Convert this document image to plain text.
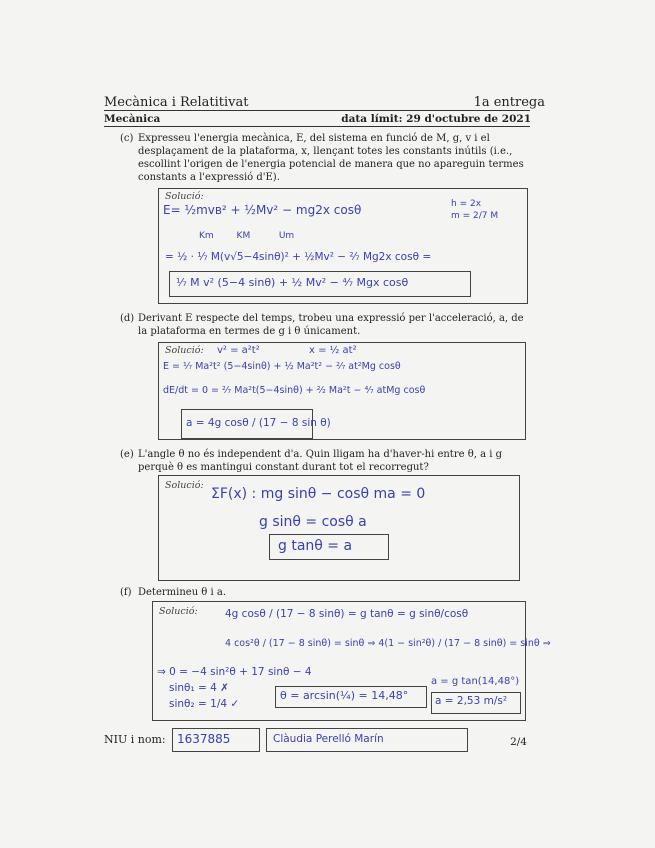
Mecànica i Relatitivat	1a entrega
Mecànica	data límit: 29 d'octubre de 2021
(c) Expresseu l'energia mecànica, E, del sistema en funció de M, g, v i el desplaçament de la plataforma, x, llençant totes les constants inútils (i.e., escollint l'origen de l'energia potencial de manera que no apareguin termes constants a l'expressió d'E).
Solució:
E= ½mvʙ² + ½Mv² − mg2x cosθ	h = 2x
m = 2/7 M
Km        KM          Um
= ½ · ⅐ M(v√5−4sinθ)² + ½Mv² − ²⁄₇ Mg2x cosθ =
⅐ M v² (5−4 sinθ) + ½ Mv² − ⁴⁄₇ Mgx cosθ
(d) Derivant E respecte del temps, trobeu una expressió per l'acceleració, a, de la plataforma en termes de g i θ únicament.
Solució: v² = a²t²	x = ½ at²
E = ⅐ Ma²t² (5−4sinθ) + ½ Ma²t² − ²⁄₇ at²Mg cosθ
dE/dt = 0 = ²⁄₇ Ma²t(5−4sinθ) + ²⁄₂ Ma²t − ⁴⁄₇ atMg cosθ
a = 4g cosθ / (17 − 8 sin θ)
(e) L'angle θ no és independent d'a. Quin lligam ha d'haver-hi entre θ, a i g perquè θ es mantingui constant durant tot el recorregut?
Solució:
ΣF(x) : mg sinθ − cosθ ma = 0
g sinθ = cosθ a
g tanθ = a
(f) Determineu θ i a.
Solució:	4g cosθ / (17 − 8 sinθ) = g tanθ = g sinθ/cosθ
4 cos²θ / (17 − 8 sinθ) = sinθ ⇒ 4(1 − sin²θ) / (17 − 8 sinθ) = sinθ ⇒
⇒ 0 = −4 sin²θ + 17 sinθ − 4
sinθ₁ = 4 ✗
sinθ₂ = 1/4 ✓
θ = arcsin(¼) = 14,48°
a = g tan(14,48°)
a = 2,53 m/s²
NIU i nom: 1637885	Clàudia Perelló Marín	2/4
